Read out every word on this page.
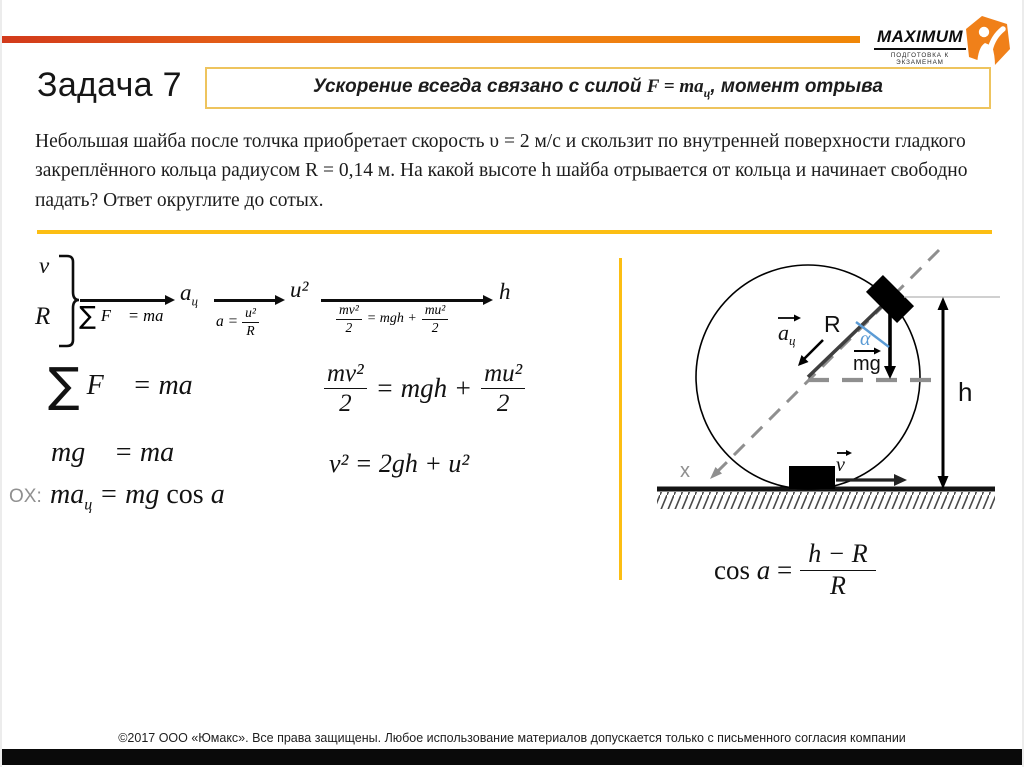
MAXIMUM
ПОДГОТОВКА К ЭКЗАМЕНАМ
Задача 7	Ускорение всегда связано с силой $F = ma_ц$, момент отрыва
Небольшая шайба после толчка приобретает скорость υ = 2 м/с и скользит по внутренней поверхности гладкого закреплённого кольца радиусом R = 0,14 м. На какой высоте h шайба отрывается от кольца и начинает свободно падать? Ответ округлите до сотых.
v
R ∑ F⃗ = ma⃗
$a_ц$
$a = \frac{\text{u²}}{R}$
u²
$\frac{\text{mv²}}{2}$ = mgh + $\frac{\text{mu²}}{2}$
h
∑ F⃗ = ma⃗
mg⃗ = ma⃗
OX: $ma_ц$ = mg cos a
$\frac{\text{mv²}}{2}$ = mgh + $\frac{\text{mu²}}{2}$
v² = 2gh + u²
R
$a_ц$	α
mg
h
x	v
$\cos a = \frac{h - R}{R}$
©2017 ООО «Юмакс». Все права защищены. Любое использование материалов допускается только с письменного согласия компании
